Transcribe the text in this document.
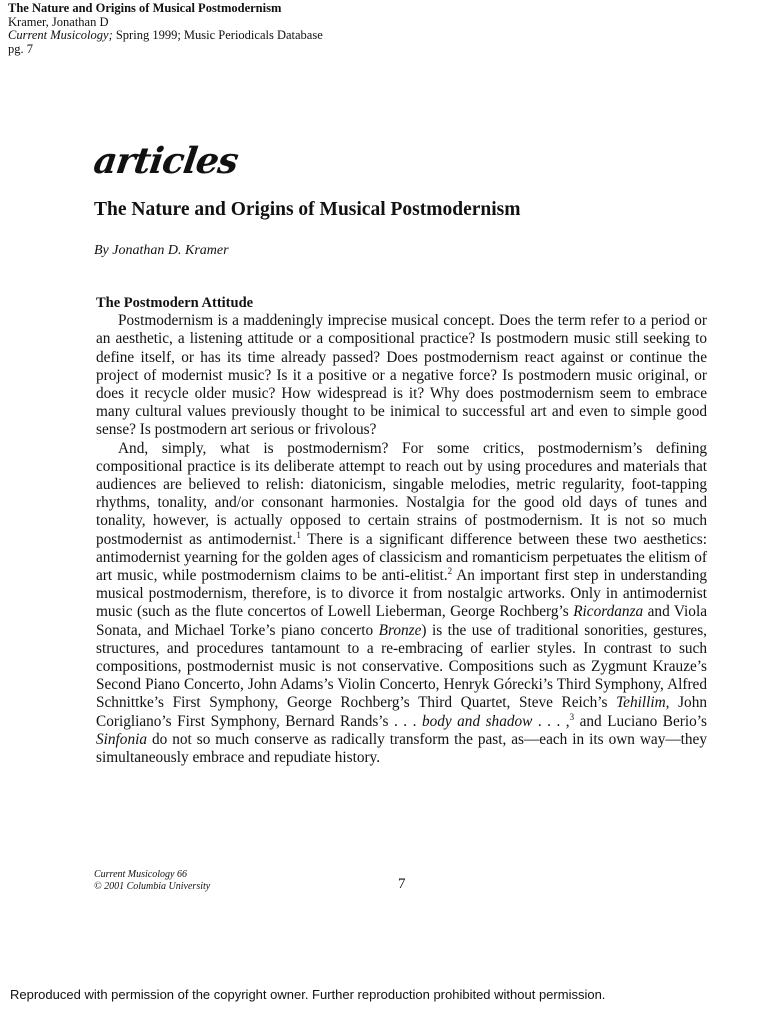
The Nature and Origins of Musical Postmodernism
Kramer, Jonathan D
Current Musicology; Spring 1999; Music Periodicals Database
pg. 7
articles
The Nature and Origins of Musical Postmodernism
By Jonathan D. Kramer
The Postmodern Attitude

Postmodernism is a maddeningly imprecise musical concept. Does the term refer to a period or an aesthetic, a listening attitude or a compositional practice? Is postmodern music still seeking to define itself, or has its time already passed? Does postmodernism react against or continue the project of modernist music? Is it a positive or a negative force? Is postmodern music original, or does it recycle older music? How widespread is it? Why does postmodernism seem to embrace many cultural values previously thought to be inimical to successful art and even to simple good sense? Is postmodern art serious or frivolous?

And, simply, what is postmodernism? For some critics, postmodernism’s defining compositional practice is its deliberate attempt to reach out by using procedures and materials that audiences are believed to relish: diatonicism, singable melodies, metric regularity, foot-tapping rhythms, tonality, and/or consonant harmonies. Nostalgia for the good old days of tunes and tonality, however, is actually opposed to certain strains of postmodernism. It is not so much postmodernist as antimodernist.$^1$ There is a significant difference between these two aesthetics: antimodernist yearning for the golden ages of classicism and romanticism perpetuates the elitism of art music, while postmodernism claims to be anti-elitist.$^2$ An important first step in understanding musical postmodernism, therefore, is to divorce it from nostalgic artworks. Only in antimodernist music (such as the flute concertos of Lowell Lieberman, George Rochberg’s Ricordanza and Viola Sonata, and Michael Torke’s piano concerto Bronze) is the use of traditional sonorities, gestures, structures, and procedures tantamount to a re-embracing of earlier styles. In contrast to such compositions, postmodernist music is not conservative. Compositions such as Zygmunt Krauze’s Second Piano Concerto, John Adams’s Violin Concerto, Henryk Górecki’s Third Symphony, Alfred Schnittke’s First Symphony, George Rochberg’s Third Quartet, Steve Reich’s Tehillim, John Corigliano’s First Symphony, Bernard Rands’s . . . body and shadow . . . ,$^3$ and Luciano Berio’s Sinfonia do not so much conserve as radically transform the past, as—each in its own way—they simultaneously embrace and repudiate history.

Current Musicology 66
© 2001 Columbia University	7
Reproduced with permission of the copyright owner. Further reproduction prohibited without permission.
